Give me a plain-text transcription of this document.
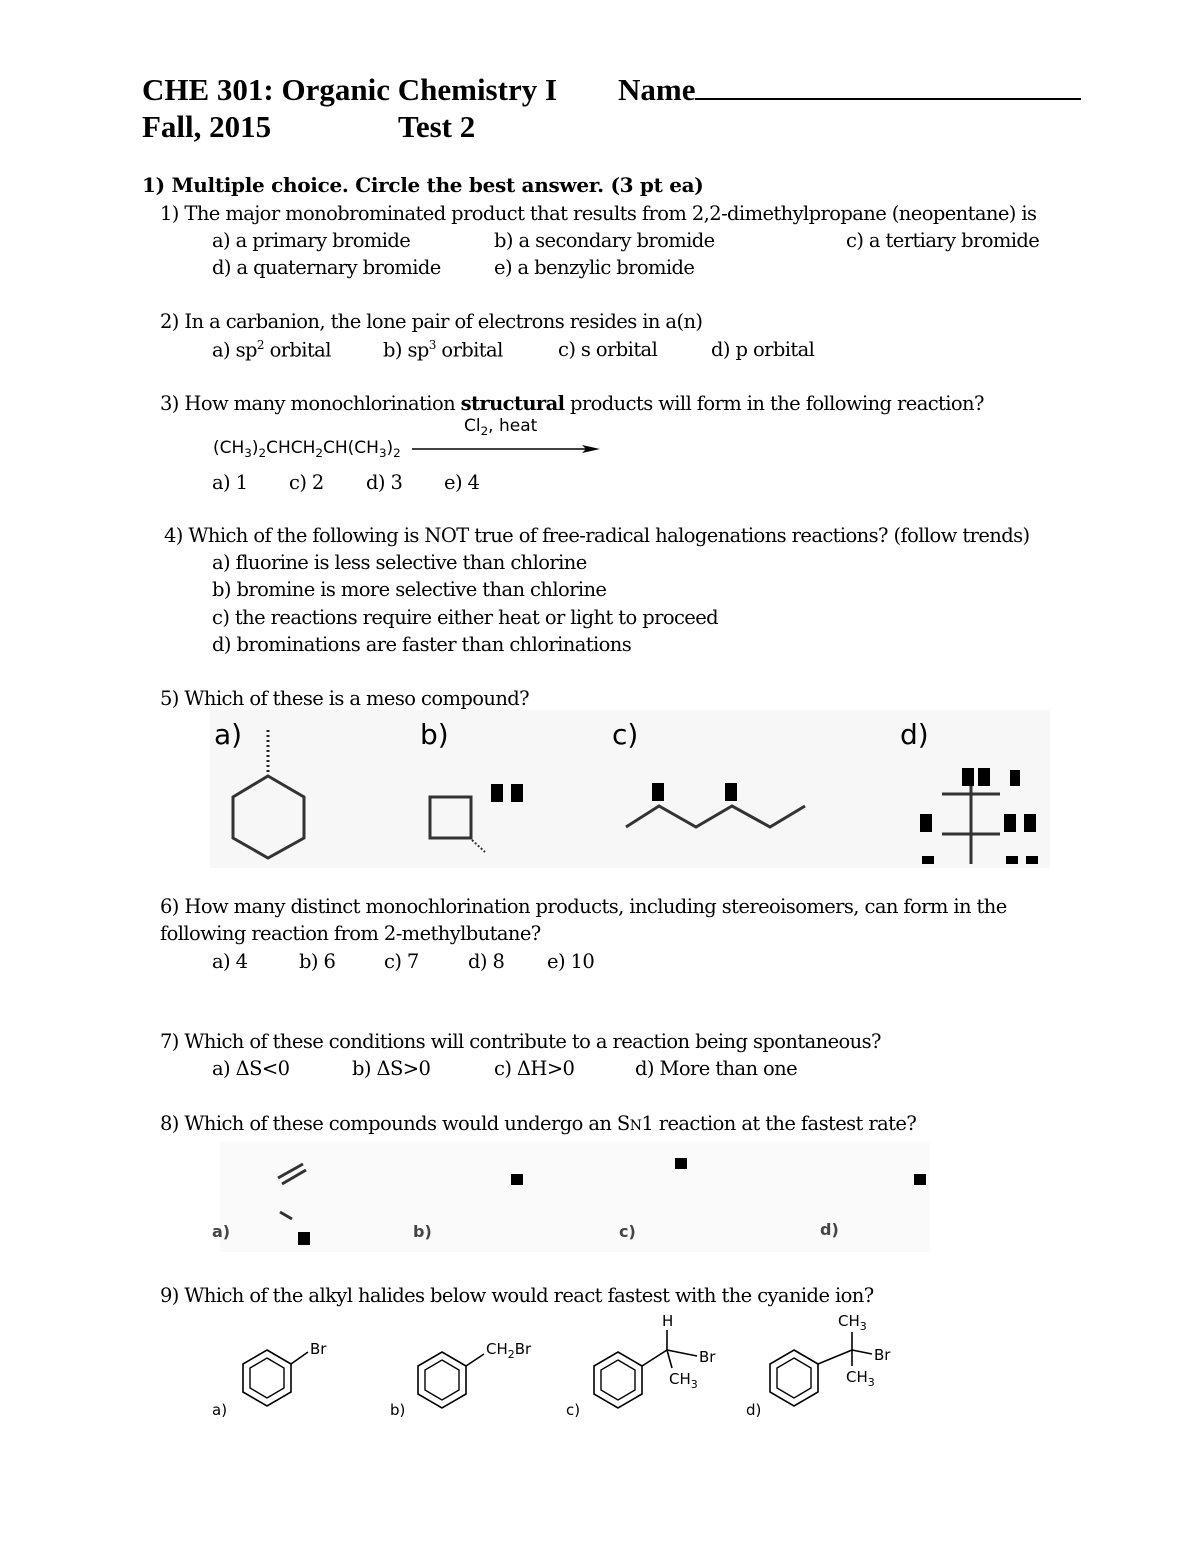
CHE 301: Organic Chemistry I Name
Fall, 2015	Test 2
1) Multiple choice. Circle the best answer. (3 pt ea)
1) The major monobrominated product that results from 2,2-dimethylpropane (neopentane) is
a) a primary bromide	b) a secondary bromide	c) a tertiary bromide
d) a quaternary bromide	e) a benzylic bromide
2) In a carbanion, the lone pair of electrons resides in a(n)
a) $sp^2$ orbital	b) $sp^3$ orbital	c) s orbital	d) p orbital
3) How many monochlorination structural products will form in the following reaction?
$Cl_2$, heat
$(CH_3)_2CHCH_2CH(CH_3)_2$
a) 1 c) 2 d) 3 e) 4
4) Which of the following is NOT true of free-radical halogenations reactions? (follow trends)
a) fluorine is less selective than chlorine
b) bromine is more selective than chlorine
c) the reactions require either heat or light to proceed
d) brominations are faster than chlorinations
5) Which of these is a meso compound?
a)	b)	c)	d)
6) How many distinct monochlorination products, including stereoisomers, can form in the
following reaction from 2-methylbutane?
a) 4	b) 6 c) 7	d) 8 e) 10
7) Which of these conditions will contribute to a reaction being spontaneous?
a) ΔS<0	b) ΔS>0	c) ΔH>0	d) More than one
8) Which of these compounds would undergo an SN1 reaction at the fastest rate?
a)	b)	c)	d)
9) Which of the alkyl halides below would react fastest with the cyanide ion?
Br
a)
$CH_2Br$
b)
H
Br
$CH_3$
c)
$CH_3$
Br
$CH_3$
d)
